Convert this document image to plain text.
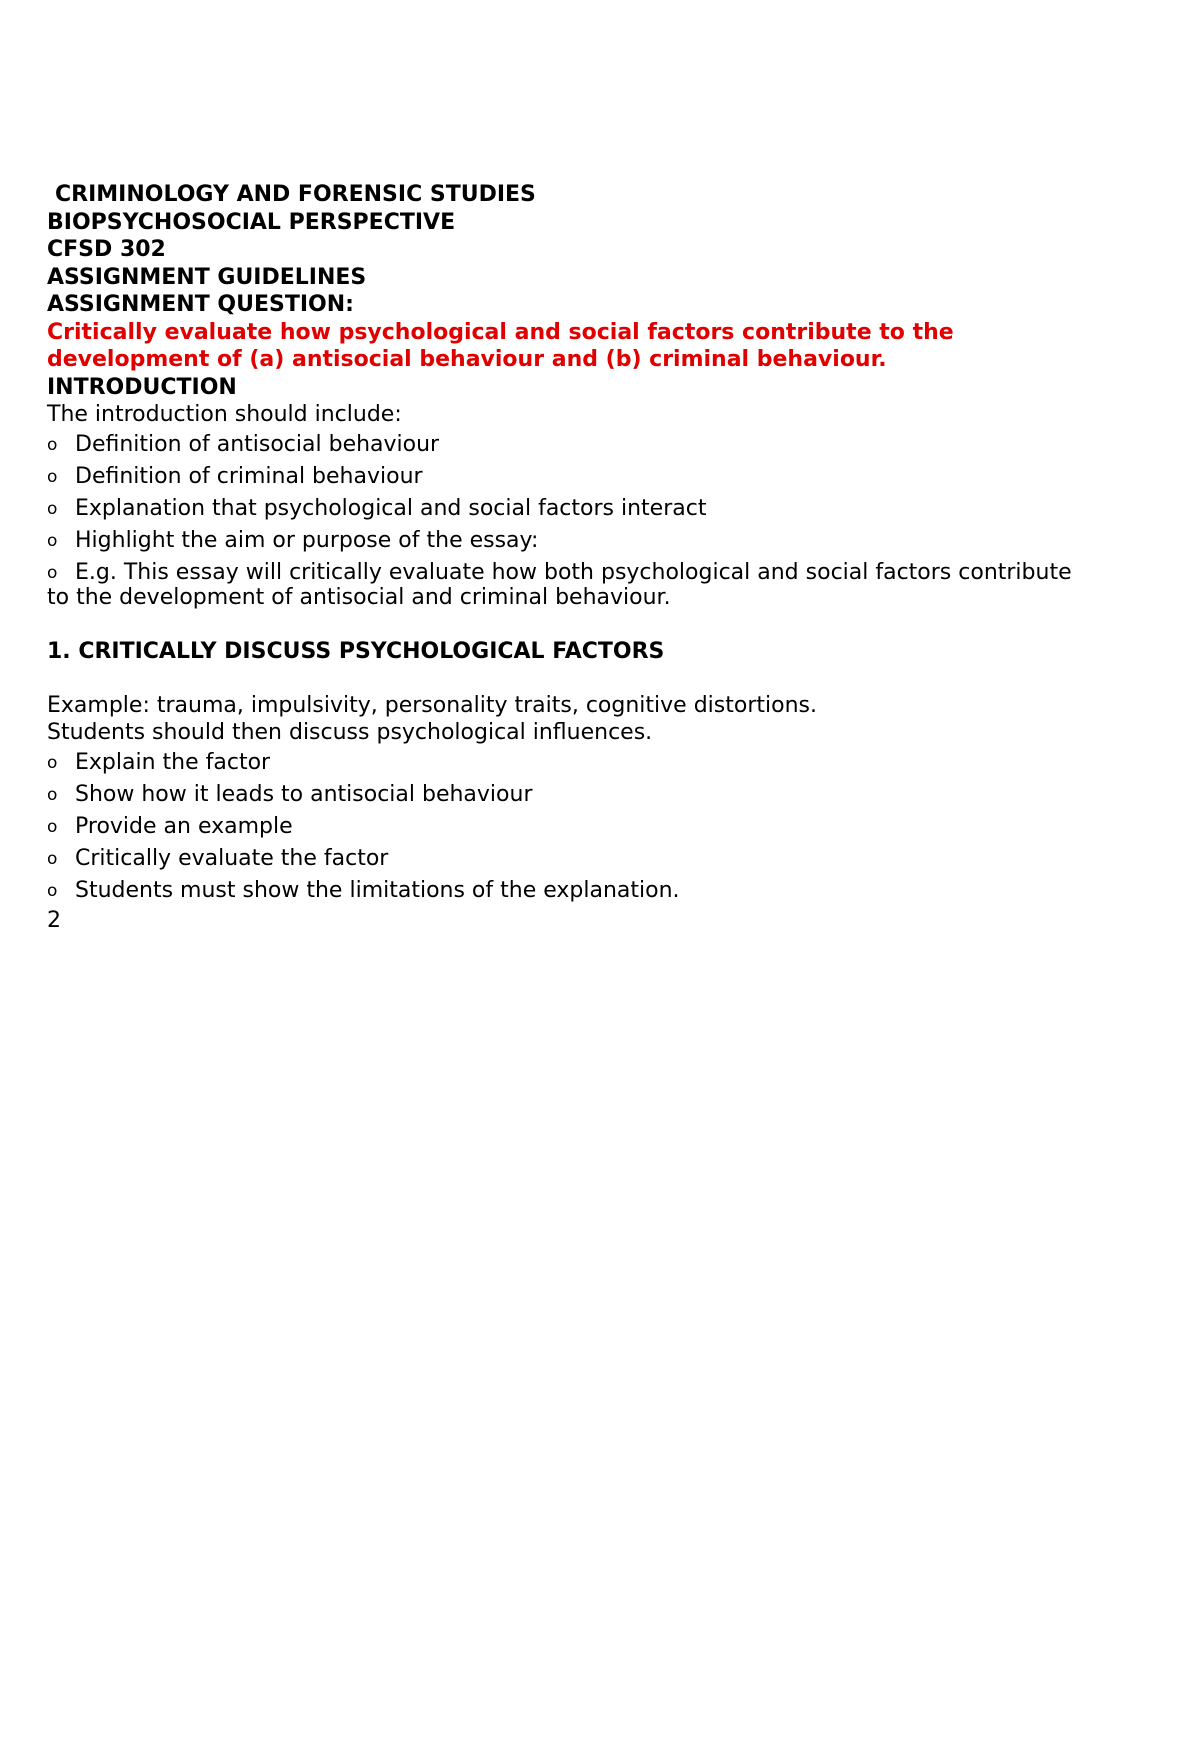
CRIMINOLOGY AND FORENSIC STUDIES

BIOPSYCHOSOCIAL PERSPECTIVE

CFSD 302

ASSIGNMENT GUIDELINES

ASSIGNMENT QUESTION:

Critically evaluate how psychological and social factors contribute to the

development of (a) antisocial behaviour and (b) criminal behaviour.

INTRODUCTION

The introduction should include:

o Definition of antisocial behaviour
o Definition of criminal behaviour
o Explanation that psychological and social factors interact
o Highlight the aim or purpose of the essay:
o E.g. This essay will critically evaluate how both psychological and social factors contribute

to the development of antisocial and criminal behaviour.

1. CRITICALLY DISCUSS PSYCHOLOGICAL FACTORS

Example: trauma, impulsivity, personality traits, cognitive distortions.

Students should then discuss psychological influences.

o Explain the factor
o Show how it leads to antisocial behaviour
o Provide an example
o Critically evaluate the factor
o Students must show the limitations of the explanation.

2
